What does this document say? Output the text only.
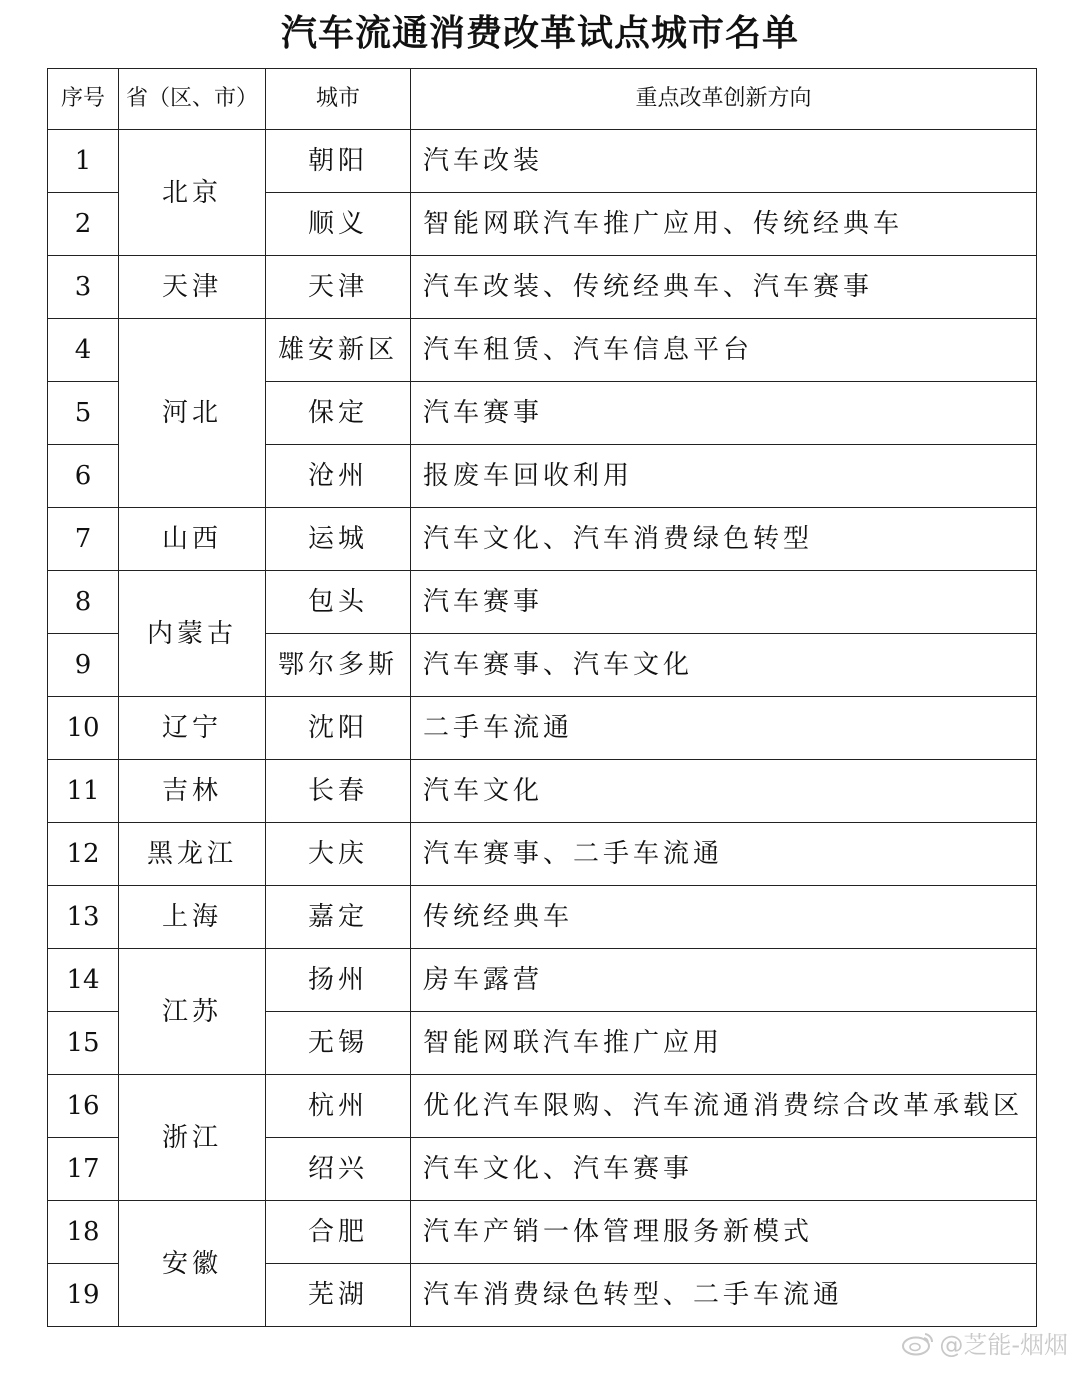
汽车流通消费改革试点城市名单
序号	省（区、市）	城市	重点改革创新方向
1	北京	朝阳	汽车改装
2		顺义	智能网联汽车推广应用、传统经典车
3	天津	天津	汽车改装、传统经典车、汽车赛事
4	河北	雄安新区	汽车租赁、汽车信息平台
5		保定	汽车赛事
6		沧州	报废车回收利用
7	山西	运城	汽车文化、汽车消费绿色转型
8	内蒙古	包头	汽车赛事
9		鄂尔多斯	汽车赛事、汽车文化
10	辽宁	沈阳	二手车流通
11	吉林	长春	汽车文化
12	黑龙江	大庆	汽车赛事、二手车流通
13	上海	嘉定	传统经典车
14	江苏	扬州	房车露营
15		无锡	智能网联汽车推广应用
16	浙江	杭州	优化汽车限购、汽车流通消费综合改革承载区
17		绍兴	汽车文化、汽车赛事
18	安徽	合肥	汽车产销一体管理服务新模式
19		芜湖	汽车消费绿色转型、二手车流通
@芝能-烟烟
